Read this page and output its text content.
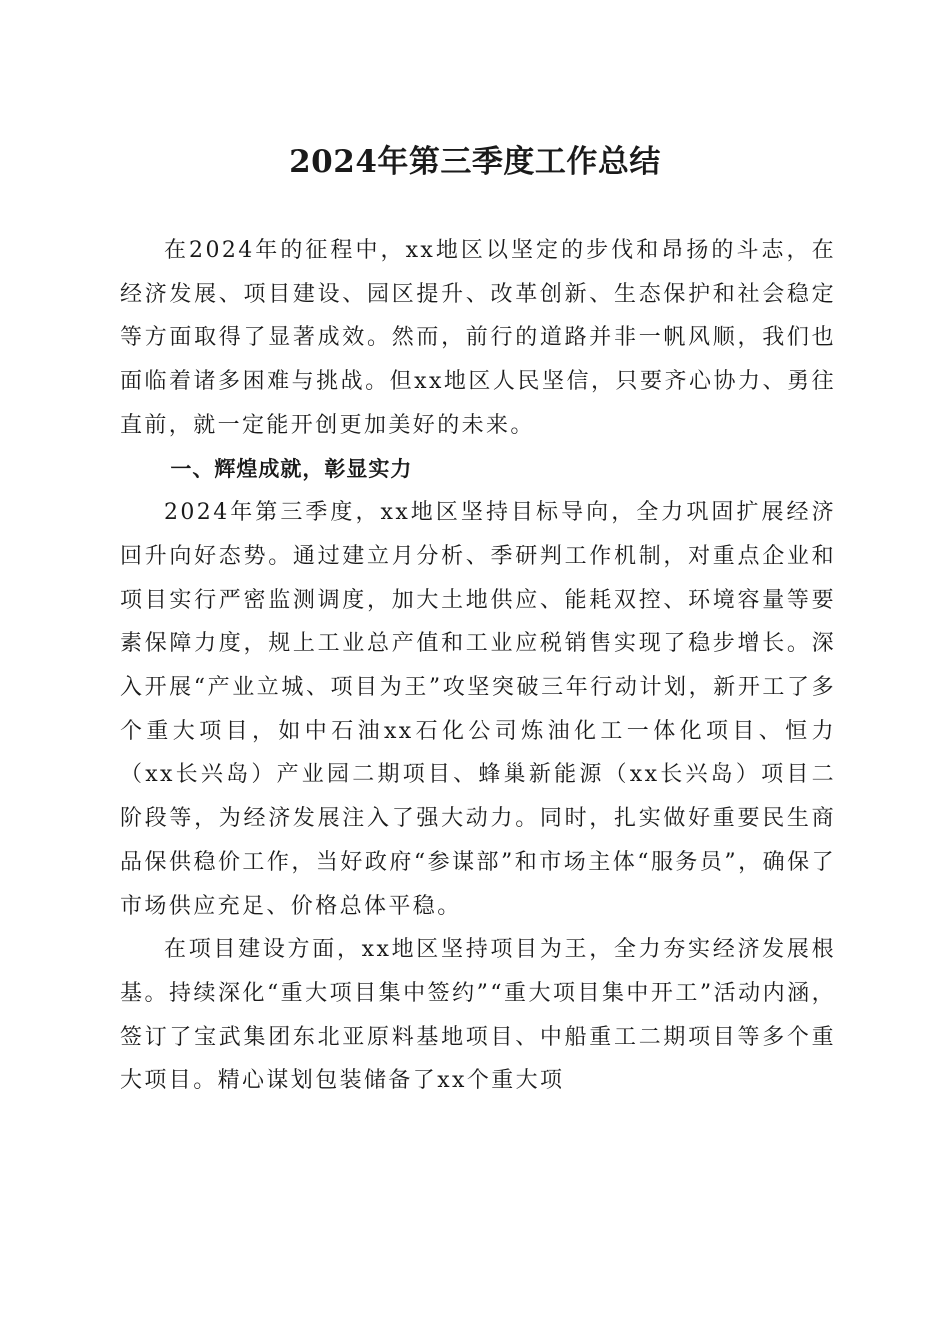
2024年第三季度工作总结

在2024年的征程中，xx地区以坚定的步伐和昂扬的斗志，在经济发展、项目建设、园区提升、改革创新、生态保护和社会稳定等方面取得了显著成效。然而，前行的道路并非一帆风顺，我们也面临着诸多困难与挑战。但xx地区人民坚信，只要齐心协力、勇往直前，就一定能开创更加美好的未来。

一、辉煌成就，彰显实力

2024年第三季度，xx地区坚持目标导向，全力巩固扩展经济回升向好态势。通过建立月分析、季研判工作机制，对重点企业和项目实行严密监测调度，加大土地供应、能耗双控、环境容量等要素保障力度，规上工业总产值和工业应税销售实现了稳步增长。深入开展“产业立城、项目为王”攻坚突破三年行动计划，新开工了多个重大项目，如中石油xx石化公司炼油化工一体化项目、恒力（xx长兴岛）产业园二期项目、蜂巢新能源（xx长兴岛）项目二阶段等，为经济发展注入了强大动力。同时，扎实做好重要民生商品保供稳价工作，当好政府“参谋部”和市场主体“服务员”，确保了市场供应充足、价格总体平稳。

在项目建设方面，xx地区坚持项目为王，全力夯实经济发展根基。持续深化“重大项目集中签约”“重大项目集中开工”活动内涵，签订了宝武集团东北亚原料基地项目、中船重工二期项目等多个重大项目。精心谋划包装储备了xx个重大项
